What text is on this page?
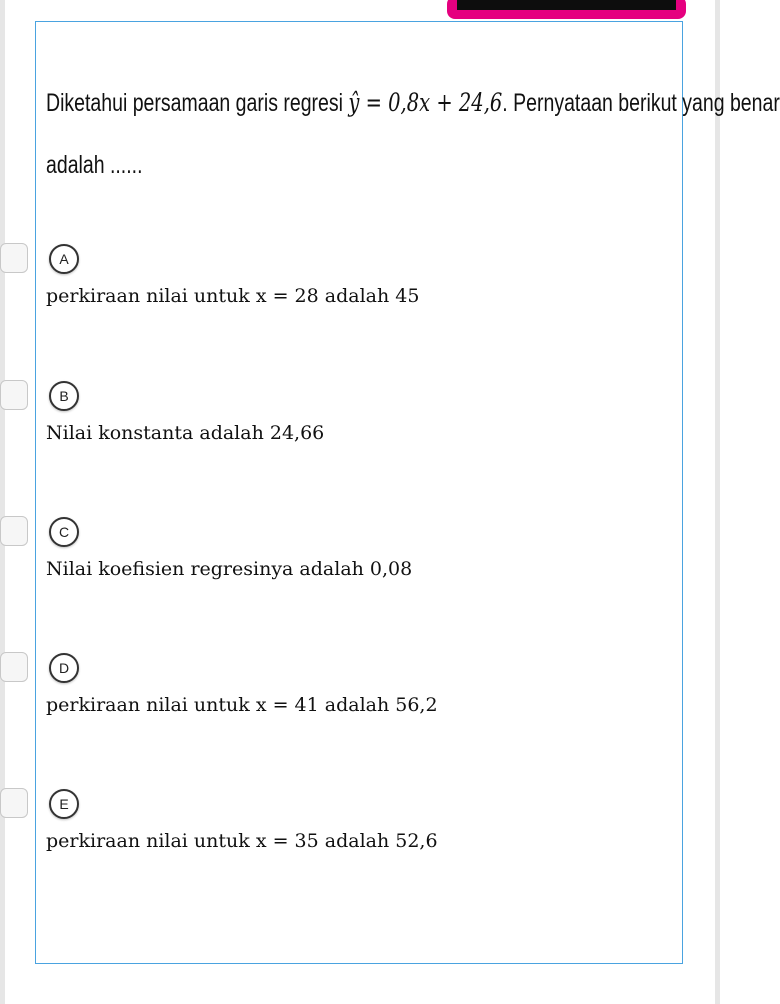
Diketahui persamaan garis regresi ŷ = 0,8x + 24,6. Pernyataan berikut yang benar
adalah ......
A
perkiraan nilai untuk x = 28 adalah 45
B
Nilai konstanta adalah 24,66
C
Nilai koefisien regresinya adalah 0,08
D
perkiraan nilai untuk x = 41 adalah 56,2
E
perkiraan nilai untuk x = 35 adalah 52,6
